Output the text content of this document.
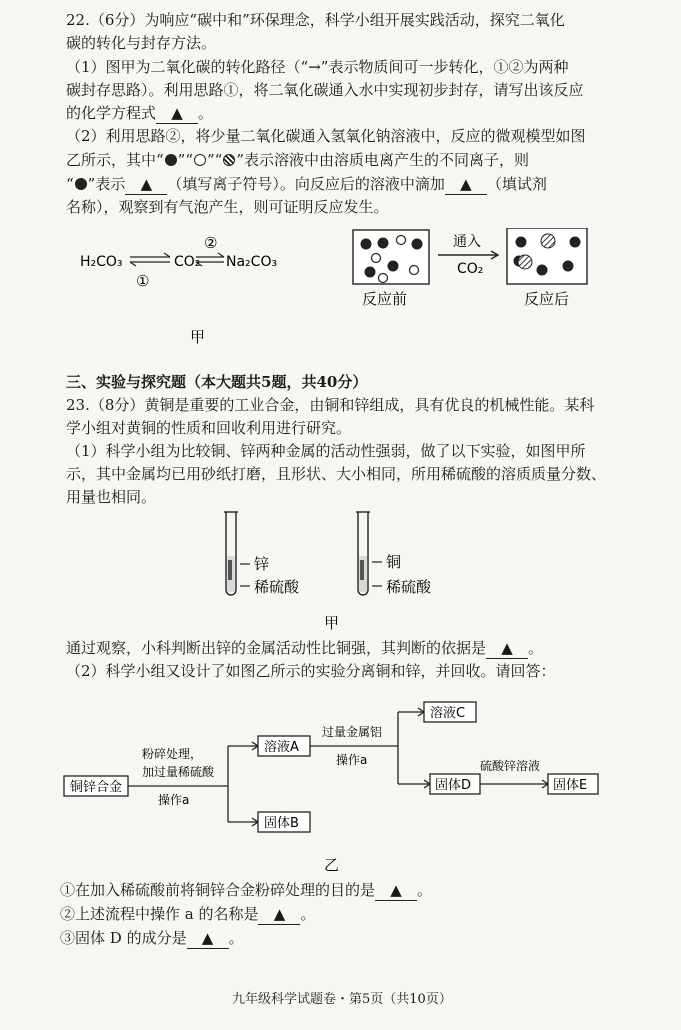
22.（6分）为响应“碳中和”环保理念，科学小组开展实践活动，探究二氧化

碳的转化与封存方法。

（1）图甲为二氧化碳的转化路径（“→”表示物质间可一步转化，①②为两种

碳封存思路）。利用思路①，将二氧化碳通入水中实现初步封存，请写出该反应

的化学方程式 ▲ 。

（2）利用思路②，将少量二氧化碳通入氢氧化钠溶液中，反应的微观模型如图

乙所示，其中“ ”“ ”“ ”表示溶液中由溶质电离产生的不同离子，则

“ ”表示 ▲ （填写离子符号）。向反应后的溶液中滴加 ▲ （填试剂

名称），观察到有气泡产生，则可证明反应发生。

H₂CO₃	CO₂ Na₂CO₃
②
①
反应前
通入
CO₂
反应后
甲

三、实验与探究题（本大题共5题，共40分）

23.（8分）黄铜是重要的工业合金，由铜和锌组成，具有优良的机械性能。某科

学小组对黄铜的性质和回收利用进行研究。

（1）科学小组为比较铜、锌两种金属的活动性强弱，做了以下实验，如图甲所

示，其中金属均已用砂纸打磨，且形状、大小相同，所用稀硫酸的溶质质量分数、

用量也相同。

锌
稀硫酸
铜
稀硫酸
甲

通过观察，小科判断出锌的金属活动性比铜强，其判断的依据是 ▲ 。

（2）科学小组又设计了如图乙所示的实验分离铜和锌，并回收。请回答：

铜锌合金
粉碎处理，
加过量稀硫酸
操作a
溶液A
固体B
过量金属铝
操作a
溶液C
固体D
硫酸锌溶液
固体E
乙

①在加入稀硫酸前将铜锌合金粉碎处理的目的是 ▲ 。

②上述流程中操作 a 的名称是 ▲ 。

③固体 D 的成分是 ▲ 。

九年级科学试题卷・第5页（共10页）
